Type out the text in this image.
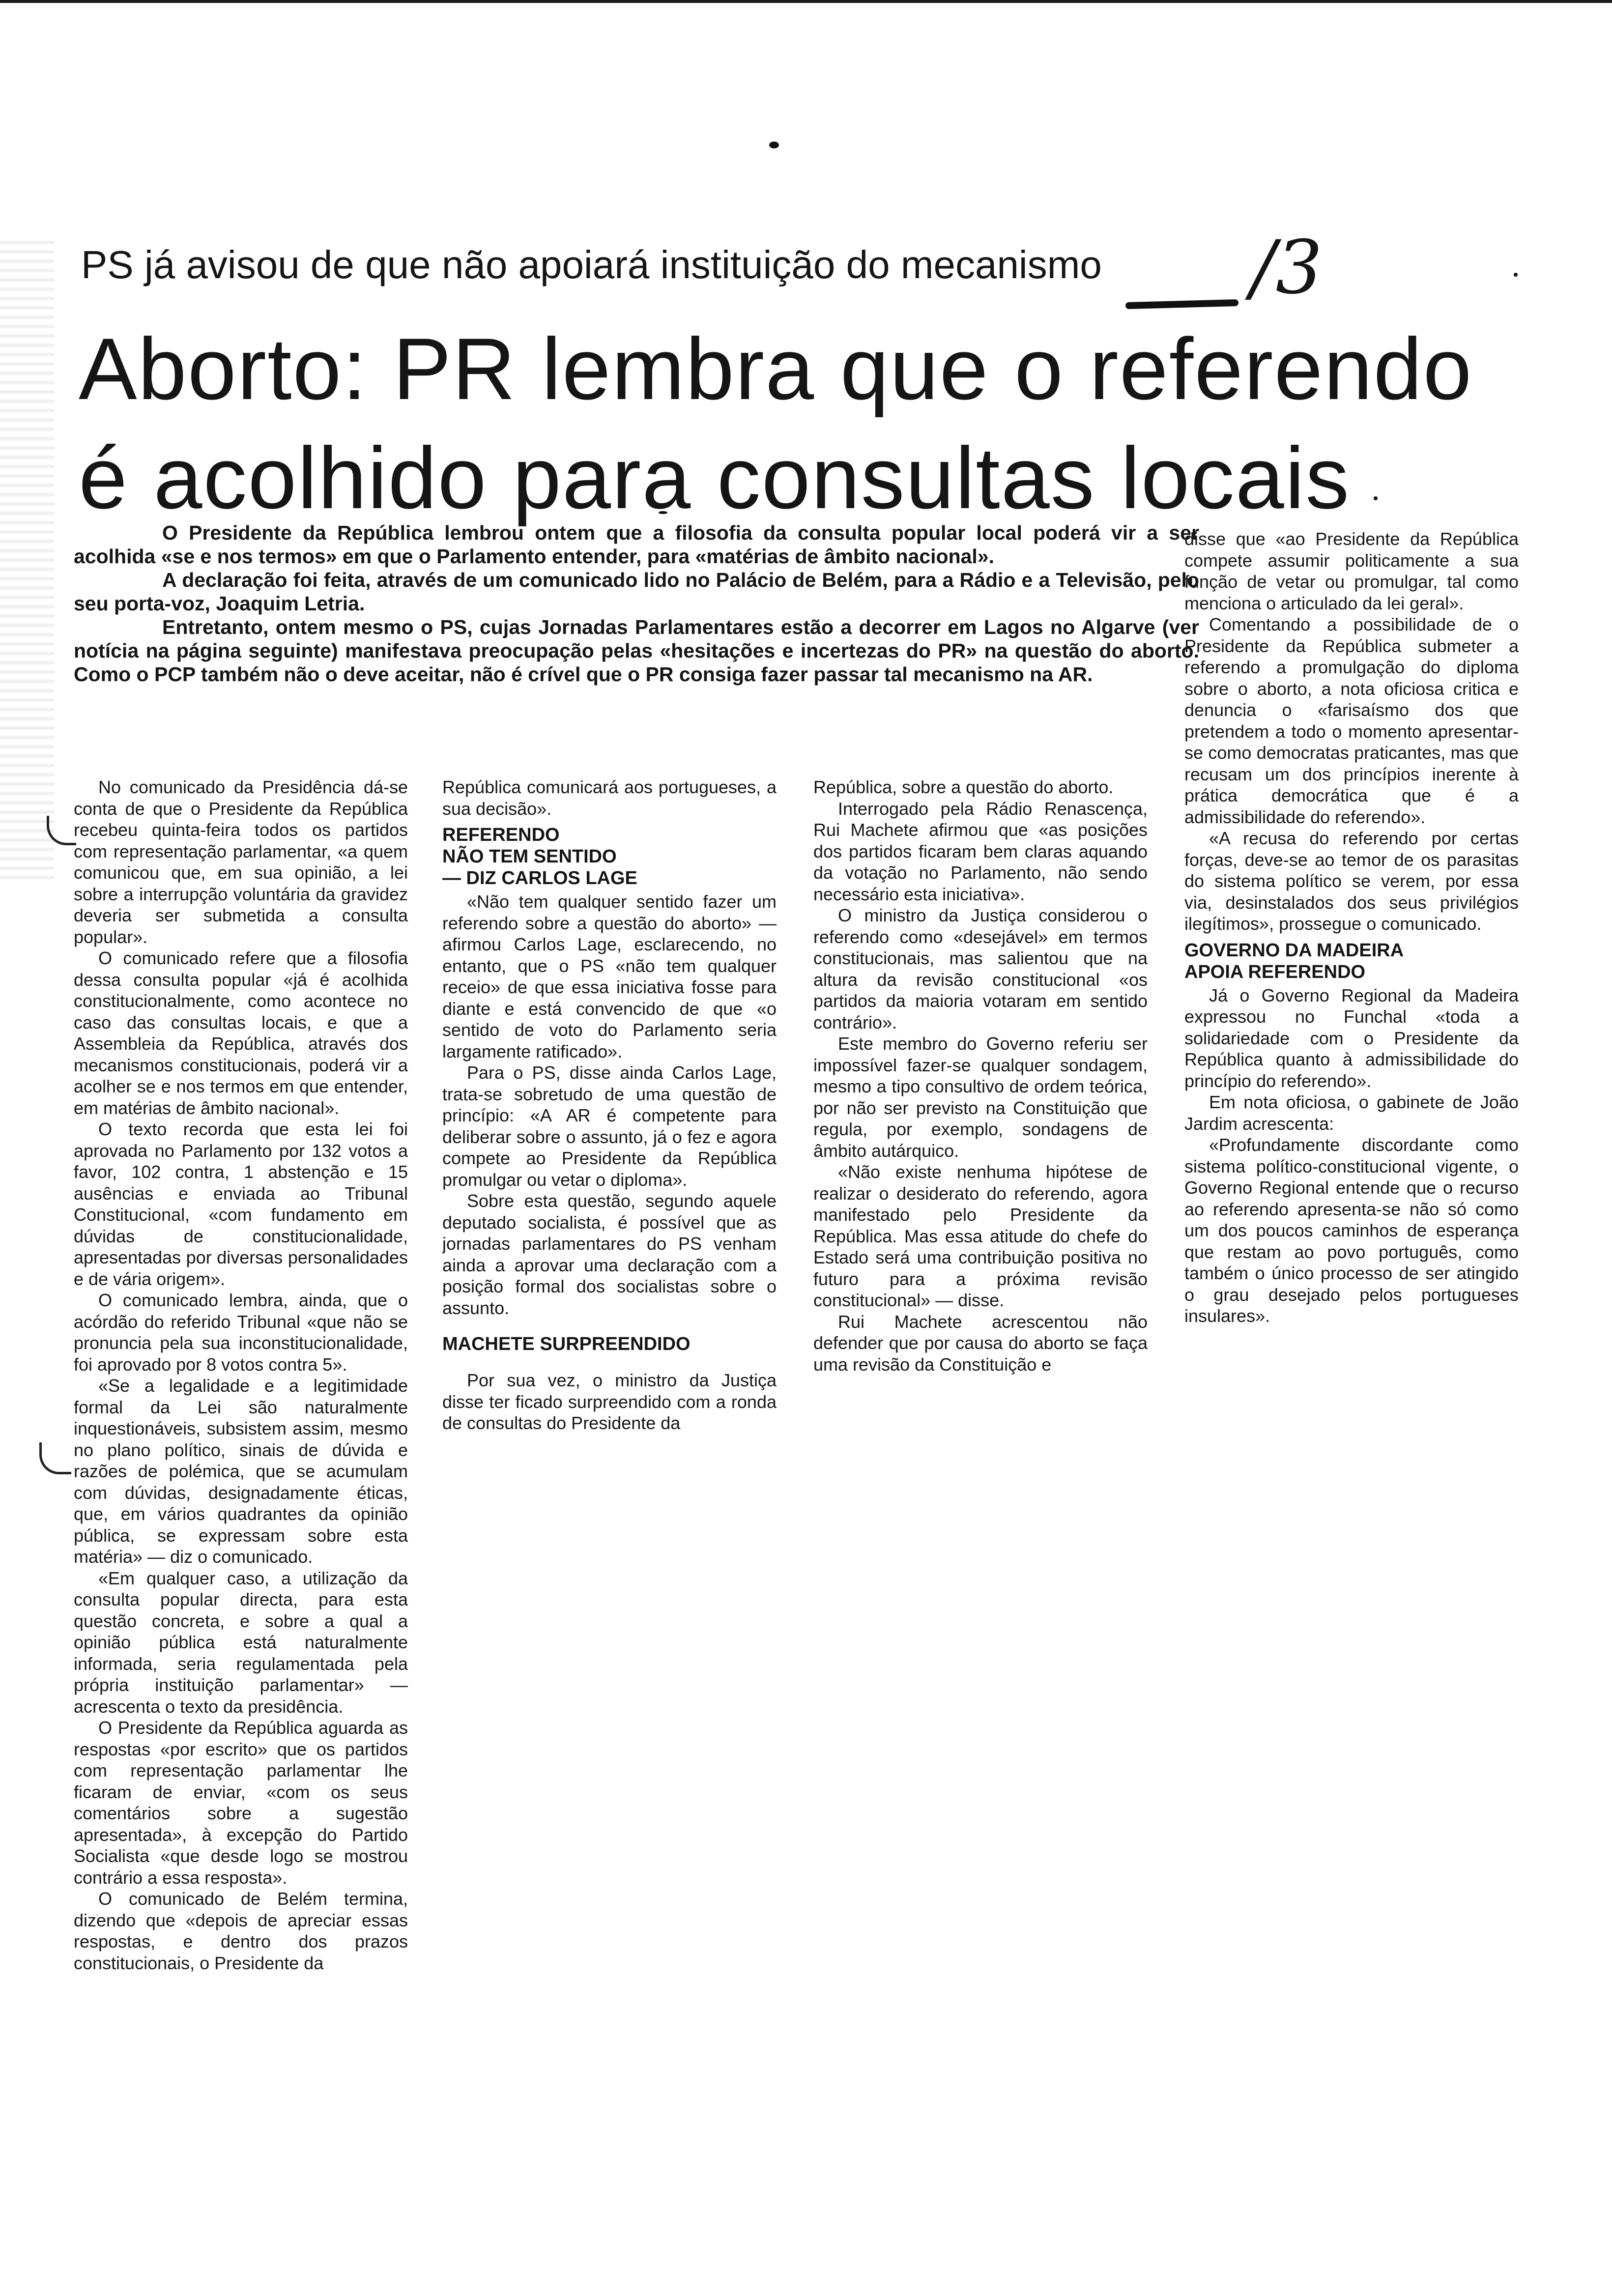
PS já avisou de que não apoiará instituição do mecanismo	/3
Aborto: PR lembra que o referendo
é acolhido para consultas locais

O Presidente da República lembrou ontem que a filosofia da consulta popular local poderá vir a ser acolhida «se e nos termos» em que o Parlamento entender, para «matérias de âmbito nacional».

A declaração foi feita, através de um comunicado lido no Palácio de Belém, para a Rádio e a Televisão, pelo seu porta-voz, Joaquim Letria.

Entretanto, ontem mesmo o PS, cujas Jornadas Parlamentares estão a decorrer em Lagos no Algarve (ver notícia na página seguinte) manifestava preocupação pelas «hesitações e incertezas do PR» na questão do aborto. Como o PCP também não o deve aceitar, não é crível que o PR consiga fazer passar tal mecanismo na AR.

No comunicado da Presidência dá-se conta de que o Presidente da República recebeu quinta-feira todos os partidos com representação parlamentar, «a quem comunicou que, em sua opinião, a lei sobre a interrupção voluntária da gravidez deveria ser submetida a consulta popular».

O comunicado refere que a filosofia dessa consulta popular «já é acolhida constitucionalmente, como acontece no caso das consultas locais, e que a Assembleia da República, através dos mecanismos constitucionais, poderá vir a acolher se e nos termos em que entender, em matérias de âmbito nacional».

O texto recorda que esta lei foi aprovada no Parlamento por 132 votos a favor, 102 contra, 1 abstenção e 15 ausências e enviada ao Tribunal Constitucional, «com fundamento em dúvidas de constitucionalidade, apresentadas por diversas personalidades e de vária origem».

O comunicado lembra, ainda, que o acórdão do referido Tribunal «que não se pronuncia pela sua inconstitucionalidade, foi aprovado por 8 votos contra 5».

«Se a legalidade e a legitimidade formal da Lei são naturalmente inquestionáveis, subsistem assim, mesmo no plano político, sinais de dúvida e razões de polémica, que se acumulam com dúvidas, designadamente éticas, que, em vários quadrantes da opinião pública, se expressam sobre esta matéria» — diz o comunicado.

«Em qualquer caso, a utilização da consulta popular directa, para esta questão concreta, e sobre a qual a opinião pública está naturalmente informada, seria regulamentada pela própria instituição parlamentar» — acrescenta o texto da presidência.

O Presidente da República aguarda as respostas «por escrito» que os partidos com representação parlamentar lhe ficaram de enviar, «com os seus comentários sobre a sugestão apresentada», à excepção do Partido Socialista «que desde logo se mostrou contrário a essa resposta».

O comunicado de Belém termina, dizendo que «depois de apreciar essas respostas, e dentro dos prazos constitucionais, o Presidente da

República comunicará aos portugueses, a sua decisão».

REFERENDO
NÃO TEM SENTIDO
— DIZ CARLOS LAGE

«Não tem qualquer sentido fazer um referendo sobre a questão do aborto» — afirmou Carlos Lage, esclarecendo, no entanto, que o PS «não tem qualquer receio» de que essa iniciativa fosse para diante e está convencido de que «o sentido de voto do Parlamento seria largamente ratificado».

Para o PS, disse ainda Carlos Lage, trata-se sobretudo de uma questão de princípio: «A AR é competente para deliberar sobre o assunto, já o fez e agora compete ao Presidente da República promulgar ou vetar o diploma».

Sobre esta questão, segundo aquele deputado socialista, é possível que as jornadas parlamentares do PS venham ainda a aprovar uma declaração com a posição formal dos socialistas sobre o assunto.

MACHETE SURPREENDIDO

Por sua vez, o ministro da Justiça disse ter ficado surpreendido com a ronda de consultas do Presidente da

República, sobre a questão do aborto.

Interrogado pela Rádio Renascença, Rui Machete afirmou que «as posições dos partidos ficaram bem claras aquando da votação no Parlamento, não sendo necessário esta iniciativa».

O ministro da Justiça considerou o referendo como «desejável» em termos constitucionais, mas salientou que na altura da revisão constitucional «os partidos da maioria votaram em sentido contrário».

Este membro do Governo referiu ser impossível fazer-se qualquer sondagem, mesmo a tipo consultivo de ordem teórica, por não ser previsto na Constituição que regula, por exemplo, sondagens de âmbito autárquico.

«Não existe nenhuma hipótese de realizar o desiderato do referendo, agora manifestado pelo Presidente da República. Mas essa atitude do chefe do Estado será uma contribuição positiva no futuro para a próxima revisão constitucional» — disse.

Rui Machete acrescentou não defender que por causa do aborto se faça uma revisão da Constituição e

disse que «ao Presidente da República compete assumir politicamente a sua função de vetar ou promulgar, tal como menciona o articulado da lei geral».

Comentando a possibilidade de o Presidente da República submeter a referendo a promulgação do diploma sobre o aborto, a nota oficiosa critica e denuncia o «farisaísmo dos que pretendem a todo o momento apresentar-se como democratas praticantes, mas que recusam um dos princípios inerente à prática democrática que é a admissibilidade do referendo».

«A recusa do referendo por certas forças, deve-se ao temor de os parasitas do sistema político se verem, por essa via, desinstalados dos seus privilégios ilegítimos», prossegue o comunicado.

GOVERNO DA MADEIRA
APOIA REFERENDO

Já o Governo Regional da Madeira expressou no Funchal «toda a solidariedade com o Presidente da República quanto à admissibilidade do princípio do referendo».

Em nota oficiosa, o gabinete de João Jardim acrescenta:

«Profundamente discordante como sistema político-constitucional vigente, o Governo Regional entende que o recurso ao referendo apresenta-se não só como um dos poucos caminhos de esperança que restam ao povo português, como também o único processo de ser atingido o grau desejado pelos portugueses insulares».
